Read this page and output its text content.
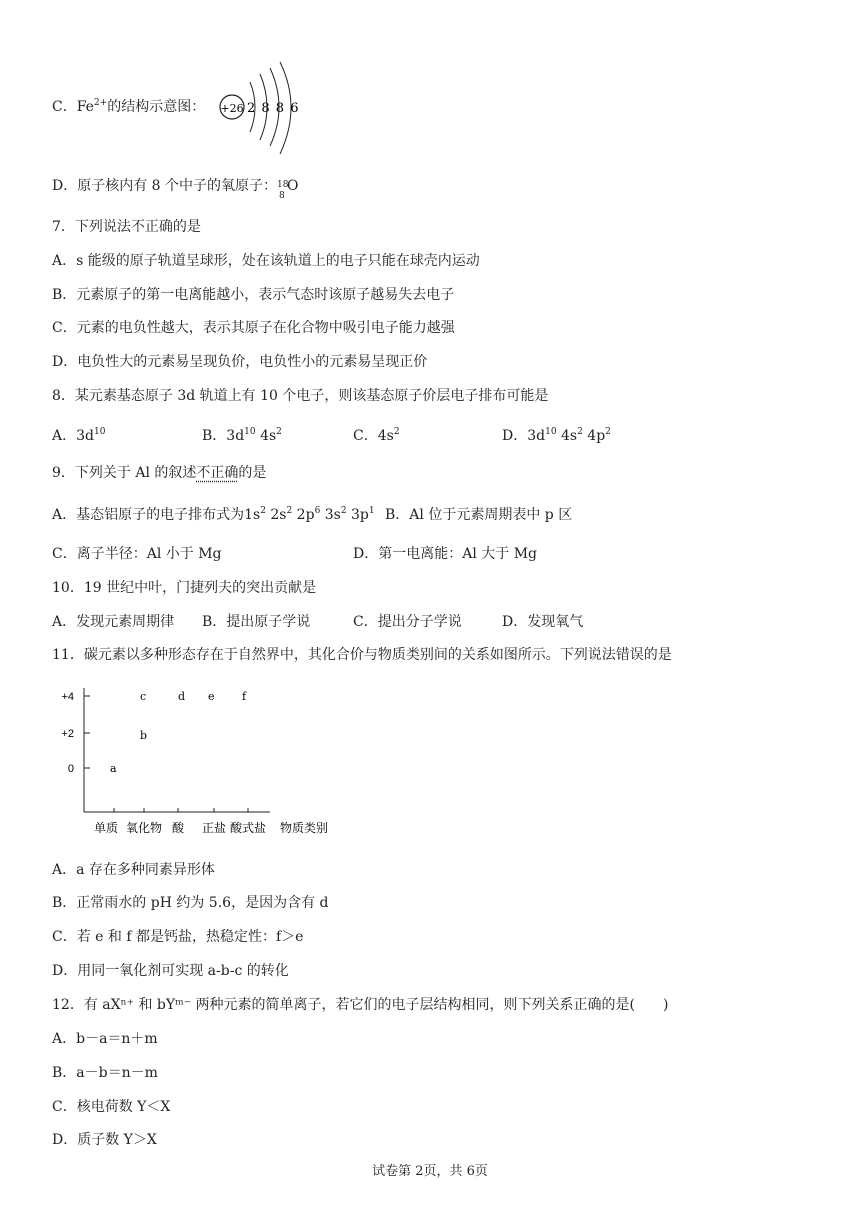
C．$Fe^{2+}$的结构示意图： +26 2 8 8 6
D．原子核内有 8 个中子的氧原子： 18
8
O
7．下列说法不正确的是
A．s 能级的原子轨道呈球形，处在该轨道上的电子只能在球壳内运动
B．元素原子的第一电离能越小，表示气态时该原子越易失去电子
C．元素的电负性越大，表示其原子在化合物中吸引电子能力越强
D．电负性大的元素易呈现负价，电负性小的元素易呈现正价
8．某元素基态原子 3d 轨道上有 10 个电子，则该基态原子价层电子排布可能是
A．$3d^{10}$	B．$3d^{10}$ $4s^2$	C．$4s^2$	D．$3d^{10}$ $4s^2$ $4p^2$
9．下列关于 Al 的叙述不正确的是
A．基态铝原子的电子排布式为$1s^2$ $2s^2$ $2p^6$ $3s^2$ $3p^1$ B．Al 位于元素周期表中 p 区
C．离子半径：Al 小于 Mg	D．第一电离能：Al 大于 Mg
10．19 世纪中叶，门捷列夫的突出贡献是
A．发现元素周期律 B．提出原子学说	C．提出分子学说	D．发现氧气
11．碳元素以多种形态存在于自然界中，其化合价与物质类别间的关系如图所示。下列说法错误的是
+4
+2
0
单质 氧化物 酸 正盐 酸式盐 物质类别
a
b
c	d e f
A．a 存在多种同素异形体
B．正常雨水的 pH 约为 5.6，是因为含有 d
C．若 e 和 f 都是钙盐，热稳定性：f＞e
D．用同一氧化剂可实现 a-b-c 的转化
12．有 aXⁿ⁺ 和 bYᵐ⁻ 两种元素的简单离子，若它们的电子层结构相同，则下列关系正确的是(　　)
A．b－a＝n＋m
B．a－b＝n－m
C．核电荷数 Y＜X
D．质子数 Y＞X
试卷第 2页，共 6页
